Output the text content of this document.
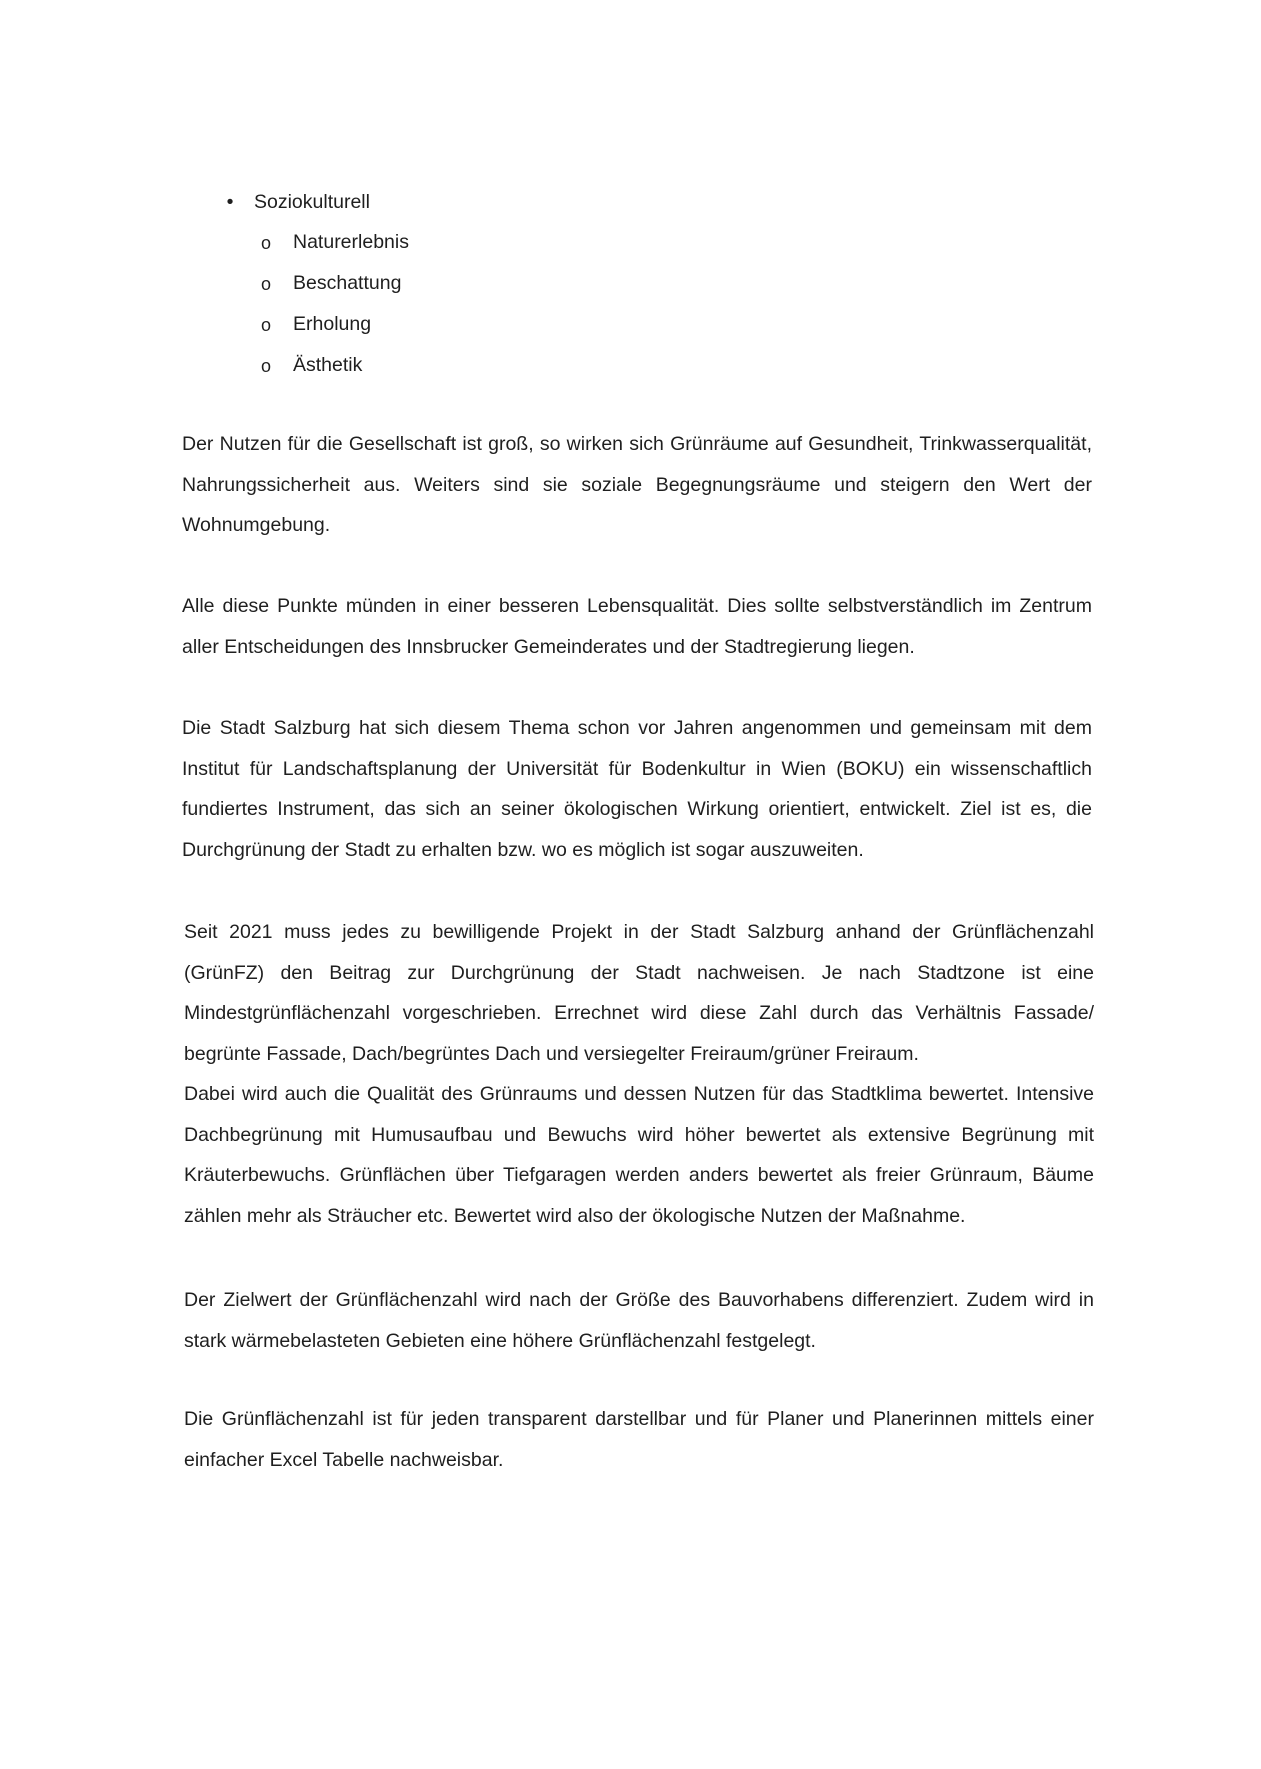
•	Soziokulturell
o Naturerlebnis
o Beschattung
o Erholung
o Ästhetik

Der Nutzen für die Gesellschaft ist groß, so wirken sich Grünräume auf Gesundheit, Trinkwasserqualität, Nahrungssicherheit aus. Weiters sind sie soziale Begegnungsräume und steigern den Wert der Wohnumgebung.

Alle diese Punkte münden in einer besseren Lebensqualität. Dies sollte selbstverständlich im Zentrum aller Entscheidungen des Innsbrucker Gemeinderates und der Stadtregierung liegen.

Die Stadt Salzburg hat sich diesem Thema schon vor Jahren angenommen und gemeinsam mit dem Institut für Landschaftsplanung der Universität für Bodenkultur in Wien (BOKU) ein wissenschaftlich fundiertes Instrument, das sich an seiner ökologischen Wirkung orientiert, entwickelt. Ziel ist es, die Durchgrünung der Stadt zu erhalten bzw. wo es möglich ist sogar auszuweiten.

Seit 2021 muss jedes zu bewilligende Projekt in der Stadt Salzburg anhand der Grünflächenzahl (GrünFZ) den Beitrag zur Durchgrünung der Stadt nachweisen. Je nach Stadtzone ist eine Mindestgrünflächenzahl vorgeschrieben. Errechnet wird diese Zahl durch das Verhältnis Fassade/ begrünte Fassade, Dach/begrüntes Dach und versiegelter Freiraum/grüner Freiraum.
Dabei wird auch die Qualität des Grünraums und dessen Nutzen für das Stadtklima bewertet. Intensive Dachbegrünung mit Humusaufbau und Bewuchs wird höher bewertet als extensive Begrünung mit Kräuterbewuchs. Grünflächen über Tiefgaragen werden anders bewertet als freier Grünraum, Bäume zählen mehr als Sträucher etc. Bewertet wird also der ökologische Nutzen der Maßnahme.

Der Zielwert der Grünflächenzahl wird nach der Größe des Bauvorhabens differenziert. Zudem wird in stark wärmebelasteten Gebieten eine höhere Grünflächenzahl festgelegt.

Die Grünflächenzahl ist für jeden transparent darstellbar und für Planer und Planerinnen mittels einer einfacher Excel Tabelle nachweisbar.
